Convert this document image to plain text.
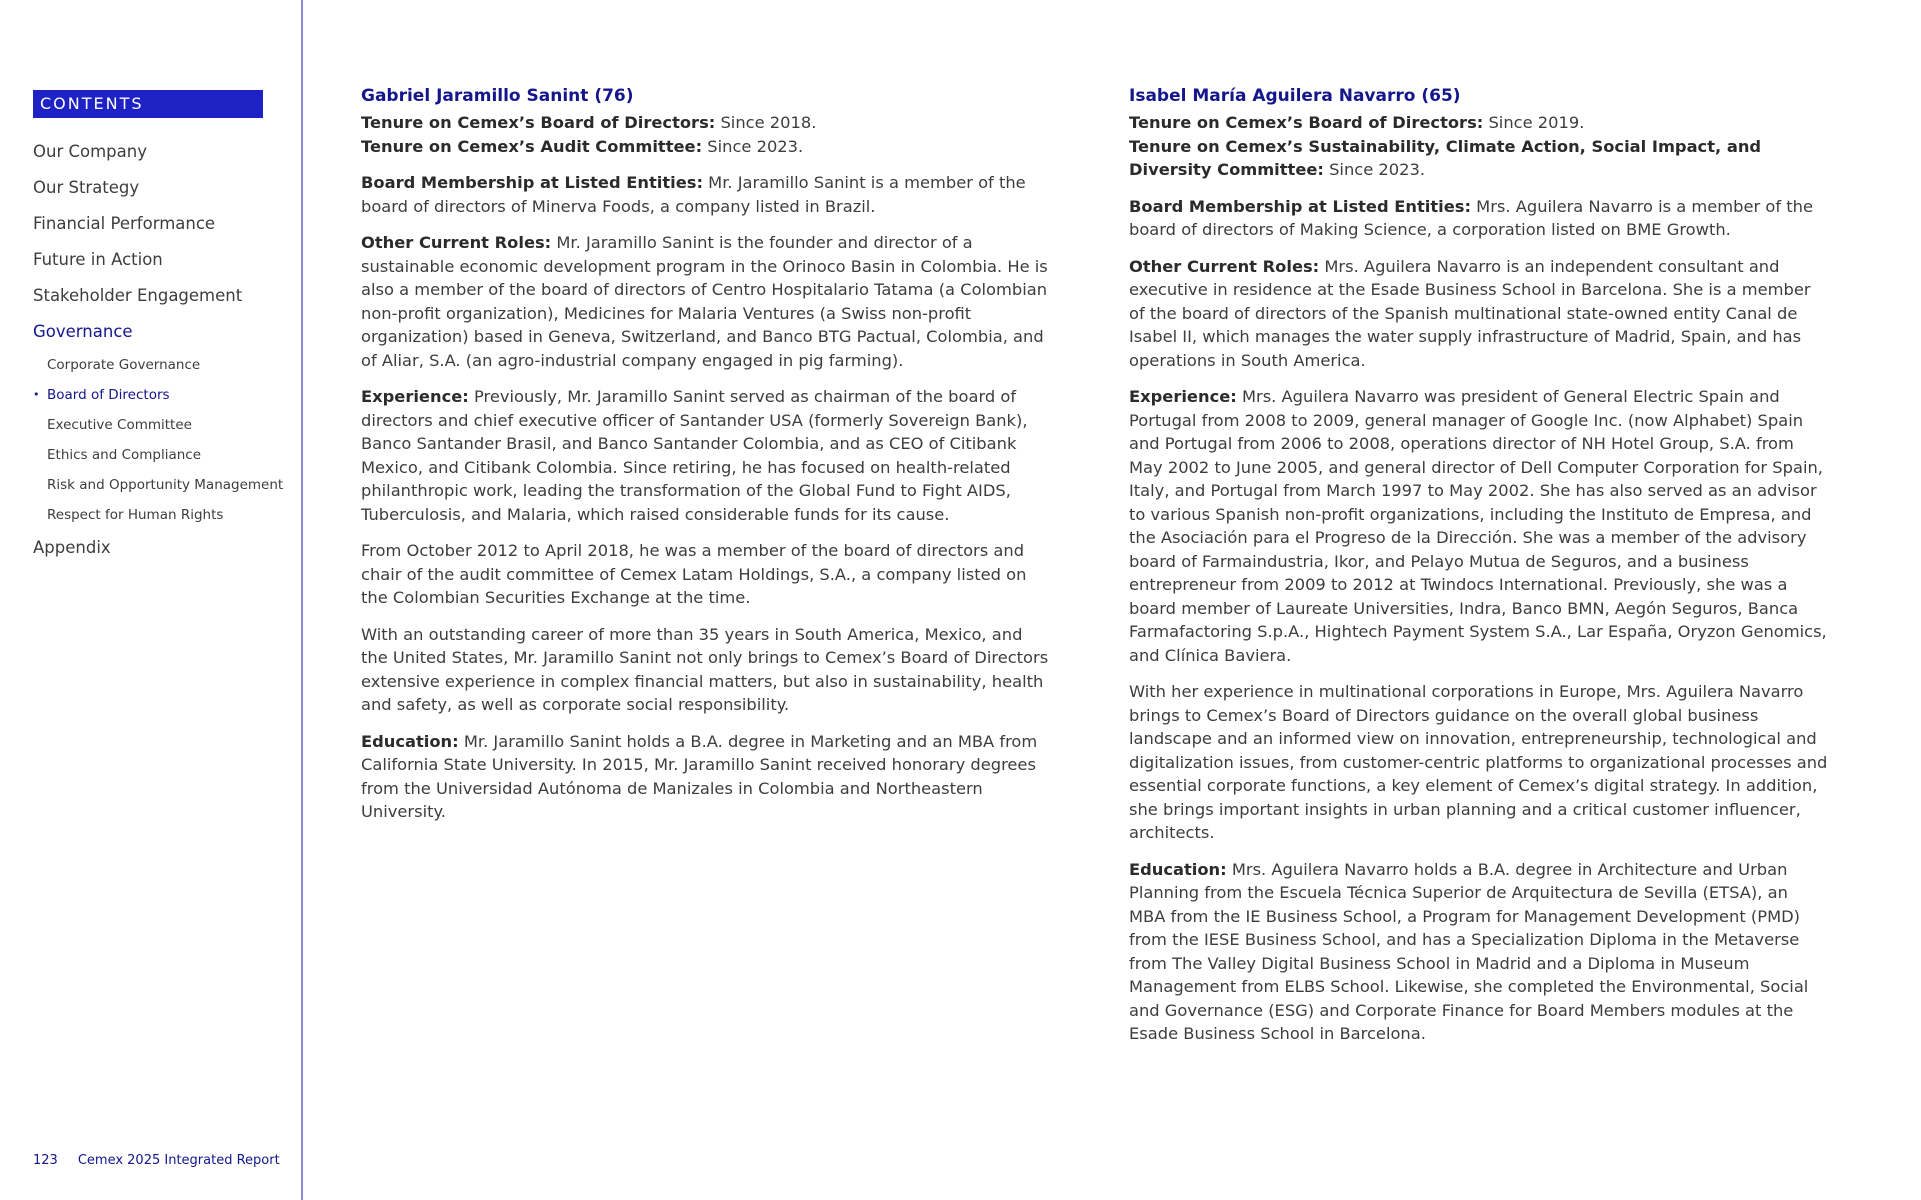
CONTENTS
Our Company
Our Strategy
Financial Performance
Future in Action
Stakeholder Engagement
Governance
Corporate Governance
• Board of Directors
Executive Committee
Ethics and Compliance
Risk and Opportunity Management
Respect for Human Rights
Appendix
123 Cemex 2025 Integrated Report
Gabriel Jaramillo Sanint (76)

Tenure on Cemex’s Board of Directors: Since 2018.

Tenure on Cemex’s Audit Committee: Since 2023.

Board Membership at Listed Entities: Mr. Jaramillo Sanint is a member of the board of directors of Minerva Foods, a company listed in Brazil.

Other Current Roles: Mr. Jaramillo Sanint is the founder and director of a sustainable economic development program in the Orinoco Basin in Colombia. He is also a member of the board of directors of Centro Hospitalario Tatama (a Colombian non-profit organization), Medicines for Malaria Ventures (a Swiss non-profit organization) based in Geneva, Switzerland, and Banco BTG Pactual, Colombia, and of Aliar, S.A. (an agro-industrial company engaged in pig farming).

Experience: Previously, Mr. Jaramillo Sanint served as chairman of the board of directors and chief executive officer of Santander USA (formerly Sovereign Bank), Banco Santander Brasil, and Banco Santander Colombia, and as CEO of Citibank Mexico, and Citibank Colombia. Since retiring, he has focused on health-related philanthropic work, leading the transformation of the Global Fund to Fight AIDS, Tuberculosis, and Malaria, which raised considerable funds for its cause.

From October 2012 to April 2018, he was a member of the board of directors and chair of the audit committee of Cemex Latam Holdings, S.A., a company listed on the Colombian Securities Exchange at the time.

With an outstanding career of more than 35 years in South America, Mexico, and the United States, Mr. Jaramillo Sanint not only brings to Cemex’s Board of Directors extensive experience in complex financial matters, but also in sustainability, health and safety, as well as corporate social responsibility.

Education: Mr. Jaramillo Sanint holds a B.A. degree in Marketing and an MBA from California State University. In 2015, Mr. Jaramillo Sanint received honorary degrees from the Universidad Autónoma de Manizales in Colombia and Northeastern University.

Isabel María Aguilera Navarro (65)

Tenure on Cemex’s Board of Directors: Since 2019.

Tenure on Cemex’s Sustainability, Climate Action, Social Impact, and Diversity Committee: Since 2023.

Board Membership at Listed Entities: Mrs. Aguilera Navarro is a member of the board of directors of Making Science, a corporation listed on BME Growth.

Other Current Roles: Mrs. Aguilera Navarro is an independent consultant and executive in residence at the Esade Business School in Barcelona. She is a member of the board of directors of the Spanish multinational state-owned entity Canal de Isabel II, which manages the water supply infrastructure of Madrid, Spain, and has operations in South America.

Experience: Mrs. Aguilera Navarro was president of General Electric Spain and Portugal from 2008 to 2009, general manager of Google Inc. (now Alphabet) Spain and Portugal from 2006 to 2008, operations director of NH Hotel Group, S.A. from May 2002 to June 2005, and general director of Dell Computer Corporation for Spain, Italy, and Portugal from March 1997 to May 2002. She has also served as an advisor to various Spanish non-profit organizations, including the Instituto de Empresa, and the Asociación para el Progreso de la Dirección. She was a member of the advisory board of Farmaindustria, Ikor, and Pelayo Mutua de Seguros, and a business entrepreneur from 2009 to 2012 at Twindocs International. Previously, she was a board member of Laureate Universities, Indra, Banco BMN, Aegón Seguros, Banca Farmafactoring S.p.A., Hightech Payment System S.A., Lar España, Oryzon Genomics, and Clínica Baviera.

With her experience in multinational corporations in Europe, Mrs. Aguilera Navarro brings to Cemex’s Board of Directors guidance on the overall global business landscape and an informed view on innovation, entrepreneurship, technological and digitalization issues, from customer-centric platforms to organizational processes and essential corporate functions, a key element of Cemex’s digital strategy. In addition, she brings important insights in urban planning and a critical customer influencer, architects.

Education: Mrs. Aguilera Navarro holds a B.A. degree in Architecture and Urban Planning from the Escuela Técnica Superior de Arquitectura de Sevilla (ETSA), an MBA from the IE Business School, a Program for Management Development (PMD) from the IESE Business School, and has a Specialization Diploma in the Metaverse from The Valley Digital Business School in Madrid and a Diploma in Museum Management from ELBS School. Likewise, she completed the Environmental, Social and Governance (ESG) and Corporate Finance for Board Members modules at the Esade Business School in Barcelona.
